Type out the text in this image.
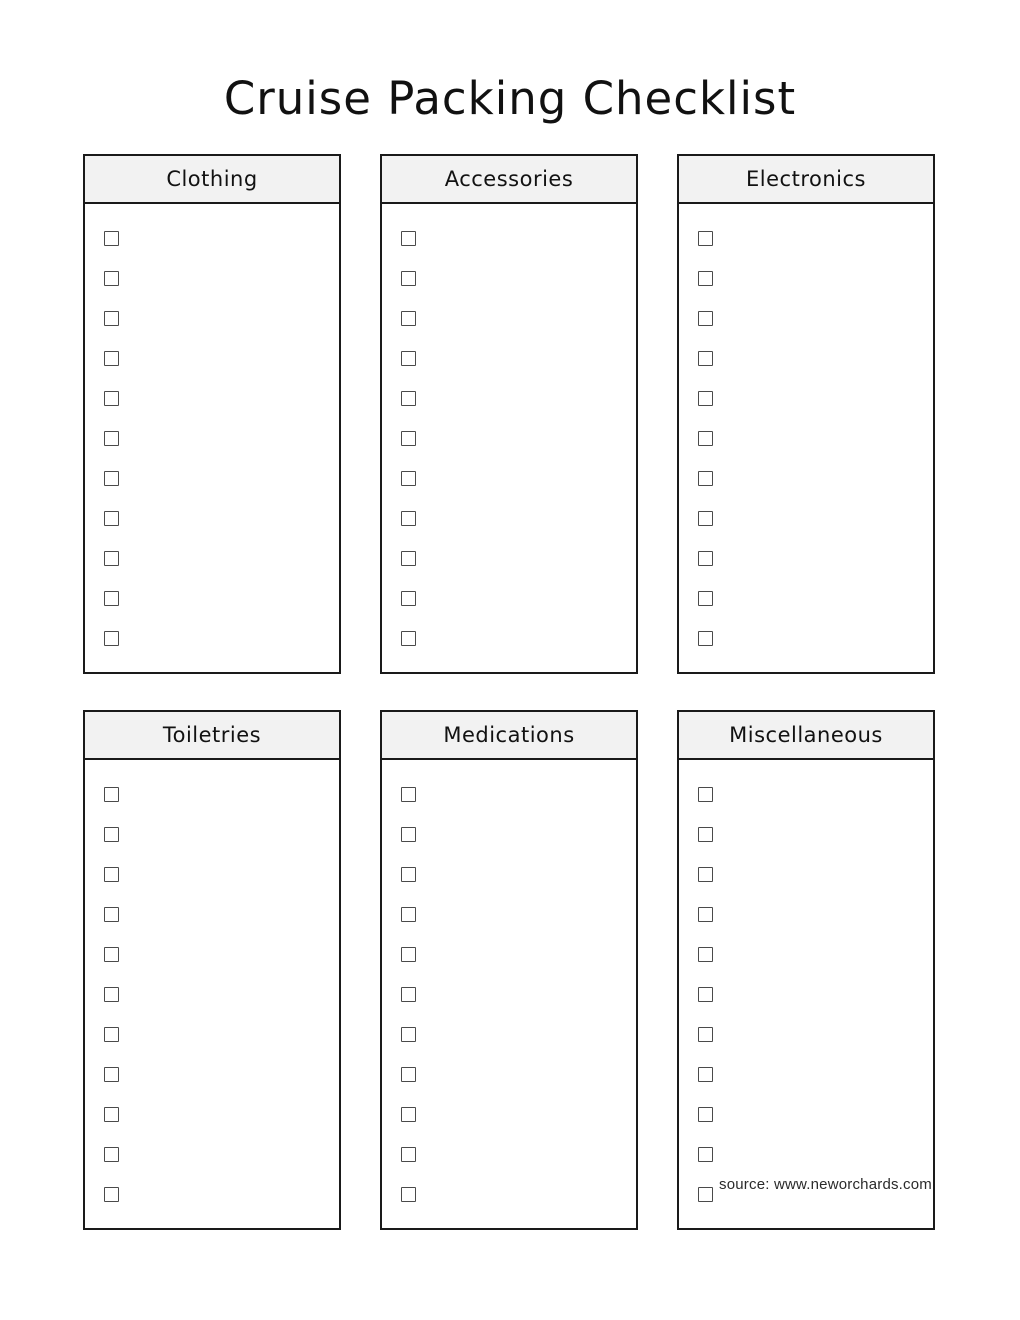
Cruise Packing Checklist
Clothing	Accessories	Electronics
Toiletries	Medications	Miscellaneous
source: www.neworchards.com
